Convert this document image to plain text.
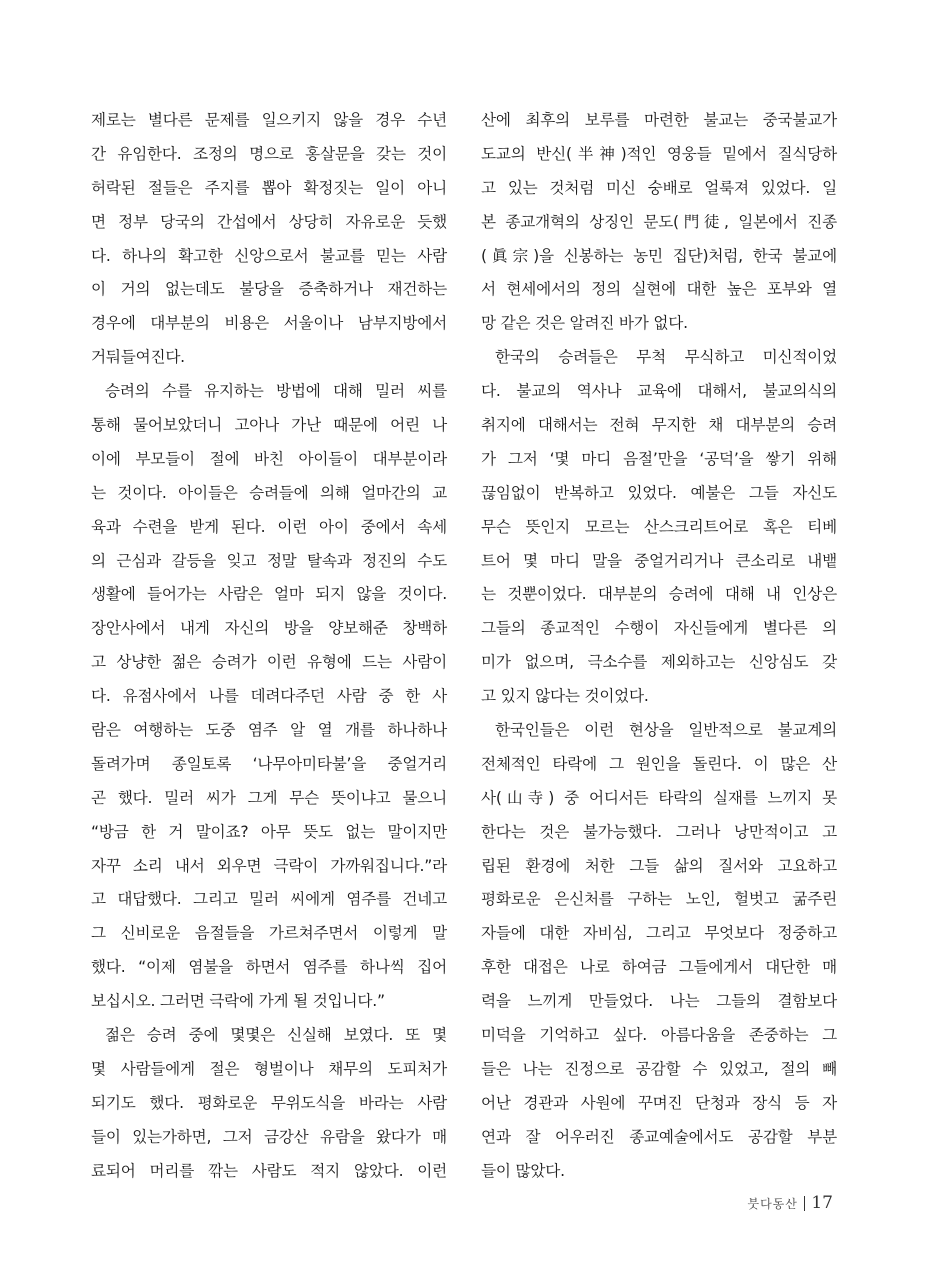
제로는 별다른 문제를 일으키지 않을 경우 수년
간 유임한다. 조정의 명으로 홍살문을 갖는 것이
허락된 절들은 주지를 뽑아 확정짓는 일이 아니
면 정부 당국의 간섭에서 상당히 자유로운 듯했
다. 하나의 확고한 신앙으로서 불교를 믿는 사람
이 거의 없는데도 불당을 증축하거나 재건하는
경우에 대부분의 비용은 서울이나 남부지방에서
거둬들여진다.
승려의 수를 유지하는 방법에 대해 밀러 씨를
통해 물어보았더니 고아나 가난 때문에 어린 나
이에 부모들이 절에 바친 아이들이 대부분이라
는 것이다. 아이들은 승려들에 의해 얼마간의 교
육과 수련을 받게 된다. 이런 아이 중에서 속세
의 근심과 갈등을 잊고 정말 탈속과 정진의 수도
생활에 들어가는 사람은 얼마 되지 않을 것이다.
장안사에서 내게 자신의 방을 양보해준 창백하
고 상냥한 젊은 승려가 이런 유형에 드는 사람이
다. 유점사에서 나를 데려다주던 사람 중 한 사
람은 여행하는 도중 염주 알 열 개를 하나하나
돌려가며 종일토록 ‘나무아미타불’을 중얼거리
곤 했다. 밀러 씨가 그게 무슨 뜻이냐고 물으니
“방금 한 거 말이죠? 아무 뜻도 없는 말이지만
자꾸 소리 내서 외우면 극락이 가까워집니다.”라
고 대답했다. 그리고 밀러 씨에게 염주를 건네고
그 신비로운 음절들을 가르쳐주면서 이렇게 말
했다. “이제 염불을 하면서 염주를 하나씩 집어
보십시오. 그러면 극락에 가게 될 것입니다.”
젊은 승려 중에 몇몇은 신실해 보였다. 또 몇
몇 사람들에게 절은 형벌이나 채무의 도피처가
되기도 했다. 평화로운 무위도식을 바라는 사람
들이 있는가하면, 그저 금강산 유람을 왔다가 매
료되어 머리를 깎는 사람도 적지 않았다. 이런
산에 최후의 보루를 마련한 불교는 중국불교가
도교의 반신(半神)적인 영웅들 밑에서 질식당하
고 있는 것처럼 미신 숭배로 얼룩져 있었다. 일
본 종교개혁의 상징인 문도(門徒, 일본에서 진종
(眞宗)을 신봉하는 농민 집단)처럼, 한국 불교에
서 현세에서의 정의 실현에 대한 높은 포부와 열
망 같은 것은 알려진 바가 없다.
한국의 승려들은 무척 무식하고 미신적이었
다. 불교의 역사나 교육에 대해서, 불교의식의
취지에 대해서는 전혀 무지한 채 대부분의 승려
가 그저 ‘몇 마디 음절’만을 ‘공덕’을 쌓기 위해
끊임없이 반복하고 있었다. 예불은 그들 자신도
무슨 뜻인지 모르는 산스크리트어로 혹은 티베
트어 몇 마디 말을 중얼거리거나 큰소리로 내뱉
는 것뿐이었다. 대부분의 승려에 대해 내 인상은
그들의 종교적인 수행이 자신들에게 별다른 의
미가 없으며, 극소수를 제외하고는 신앙심도 갖
고 있지 않다는 것이었다.
한국인들은 이런 현상을 일반적으로 불교계의
전체적인 타락에 그 원인을 돌린다. 이 많은 산
사(山寺) 중 어디서든 타락의 실재를 느끼지 못
한다는 것은 불가능했다. 그러나 낭만적이고 고
립된 환경에 처한 그들 삶의 질서와 고요하고
평화로운 은신처를 구하는 노인, 헐벗고 굶주린
자들에 대한 자비심, 그리고 무엇보다 정중하고
후한 대접은 나로 하여금 그들에게서 대단한 매
력을 느끼게 만들었다. 나는 그들의 결함보다
미덕을 기억하고 싶다. 아름다움을 존중하는 그
들은 나는 진정으로 공감할 수 있었고, 절의 빼
어난 경관과 사원에 꾸며진 단청과 장식 등 자
연과 잘 어우러진 종교예술에서도 공감할 부분
들이 많았다.
붓다동산 17
